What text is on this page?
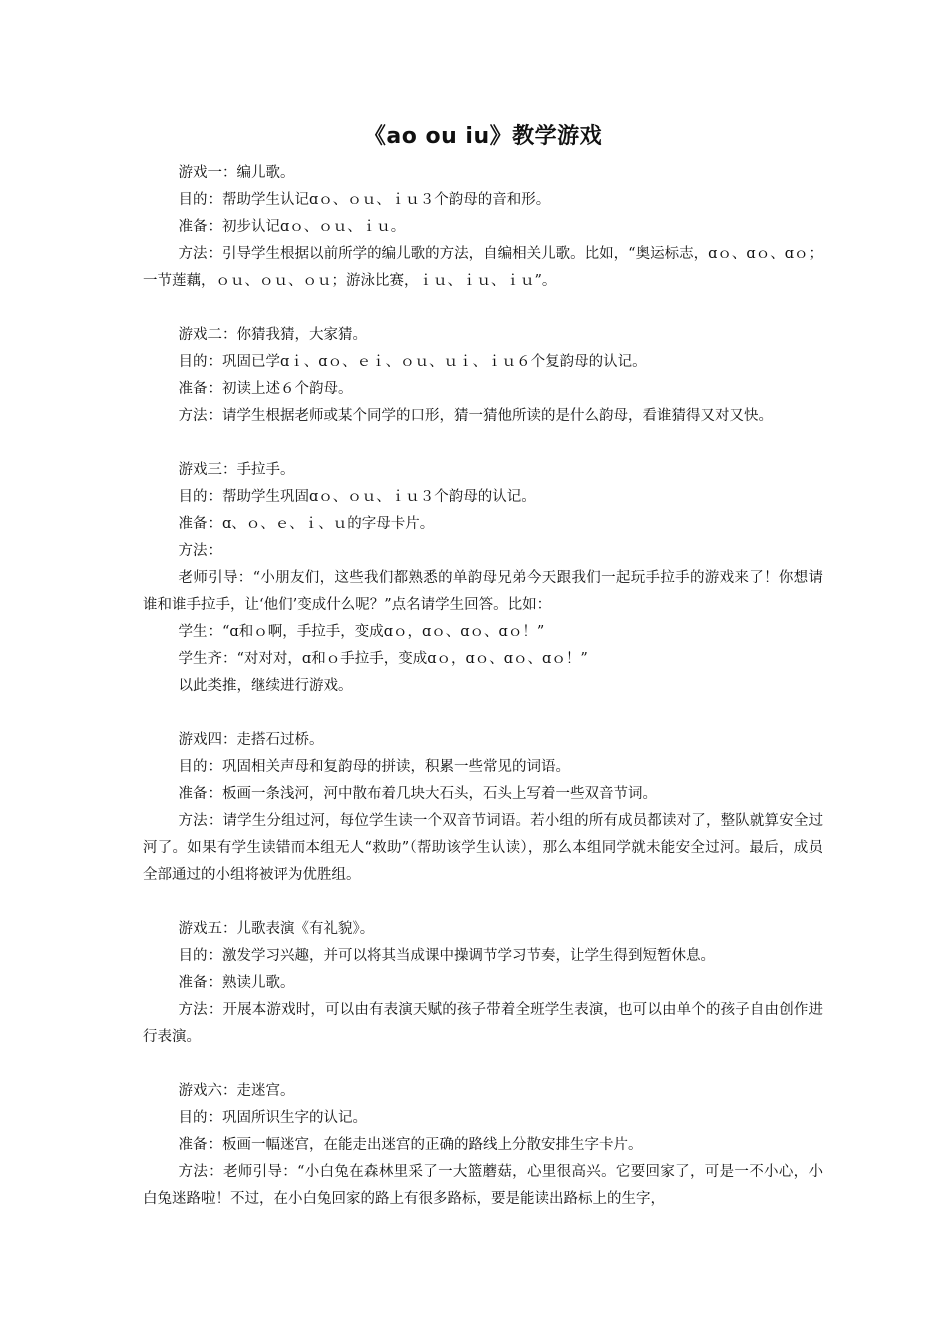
《ao ou iu》教学游戏

游戏一：编儿歌。

目的：帮助学生认记ɑｏ、ｏｕ、ｉｕ３个韵母的音和形。

准备：初步认记ɑｏ、ｏｕ、ｉｕ。

方法：引导学生根据以前所学的编儿歌的方法，自编相关儿歌。比如，“奥运标志，ɑｏ、ɑｏ、ɑｏ；一节莲藕，ｏｕ、ｏｕ、ｏｕ；游泳比赛，ｉｕ、ｉｕ、ｉｕ”。

游戏二：你猜我猜，大家猜。

目的：巩固已学ɑｉ、ɑｏ、ｅｉ、ｏｕ、ｕｉ、ｉｕ６个复韵母的认记。

准备：初读上述６个韵母。

方法：请学生根据老师或某个同学的口形，猜一猜他所读的是什么韵母，看谁猜得又对又快。

游戏三：手拉手。

目的：帮助学生巩固ɑｏ、ｏｕ、ｉｕ３个韵母的认记。

准备：ɑ、ｏ、ｅ、ｉ、ｕ的字母卡片。

方法：

老师引导：“小朋友们，这些我们都熟悉的单韵母兄弟今天跟我们一起玩手拉手的游戏来了！你想请谁和谁手拉手，让‘他们’变成什么呢？”点名请学生回答。比如：

学生：“ɑ和ｏ啊，手拉手，变成ɑｏ，ɑｏ、ɑｏ、ɑｏ！”

学生齐：“对对对，ɑ和ｏ手拉手，变成ɑｏ，ɑｏ、ɑｏ、ɑｏ！”

以此类推，继续进行游戏。

游戏四：走搭石过桥。

目的：巩固相关声母和复韵母的拼读，积累一些常见的词语。

准备：板画一条浅河，河中散布着几块大石头，石头上写着一些双音节词。

方法：请学生分组过河，每位学生读一个双音节词语。若小组的所有成员都读对了，整队就算安全过河了。如果有学生读错而本组无人“救助”（帮助该学生认读），那么本组同学就未能安全过河。最后，成员全部通过的小组将被评为优胜组。

游戏五：儿歌表演《有礼貌》。

目的：激发学习兴趣，并可以将其当成课中操调节学习节奏，让学生得到短暂休息。

准备：熟读儿歌。

方法：开展本游戏时，可以由有表演天赋的孩子带着全班学生表演，也可以由单个的孩子自由创作进行表演。

游戏六：走迷宫。

目的：巩固所识生字的认记。

准备：板画一幅迷宫，在能走出迷宫的正确的路线上分散安排生字卡片。

方法：老师引导：“小白兔在森林里采了一大篮蘑菇，心里很高兴。它要回家了，可是一不小心，小白兔迷路啦！不过，在小白兔回家的路上有很多路标，要是能读出路标上的生字，
